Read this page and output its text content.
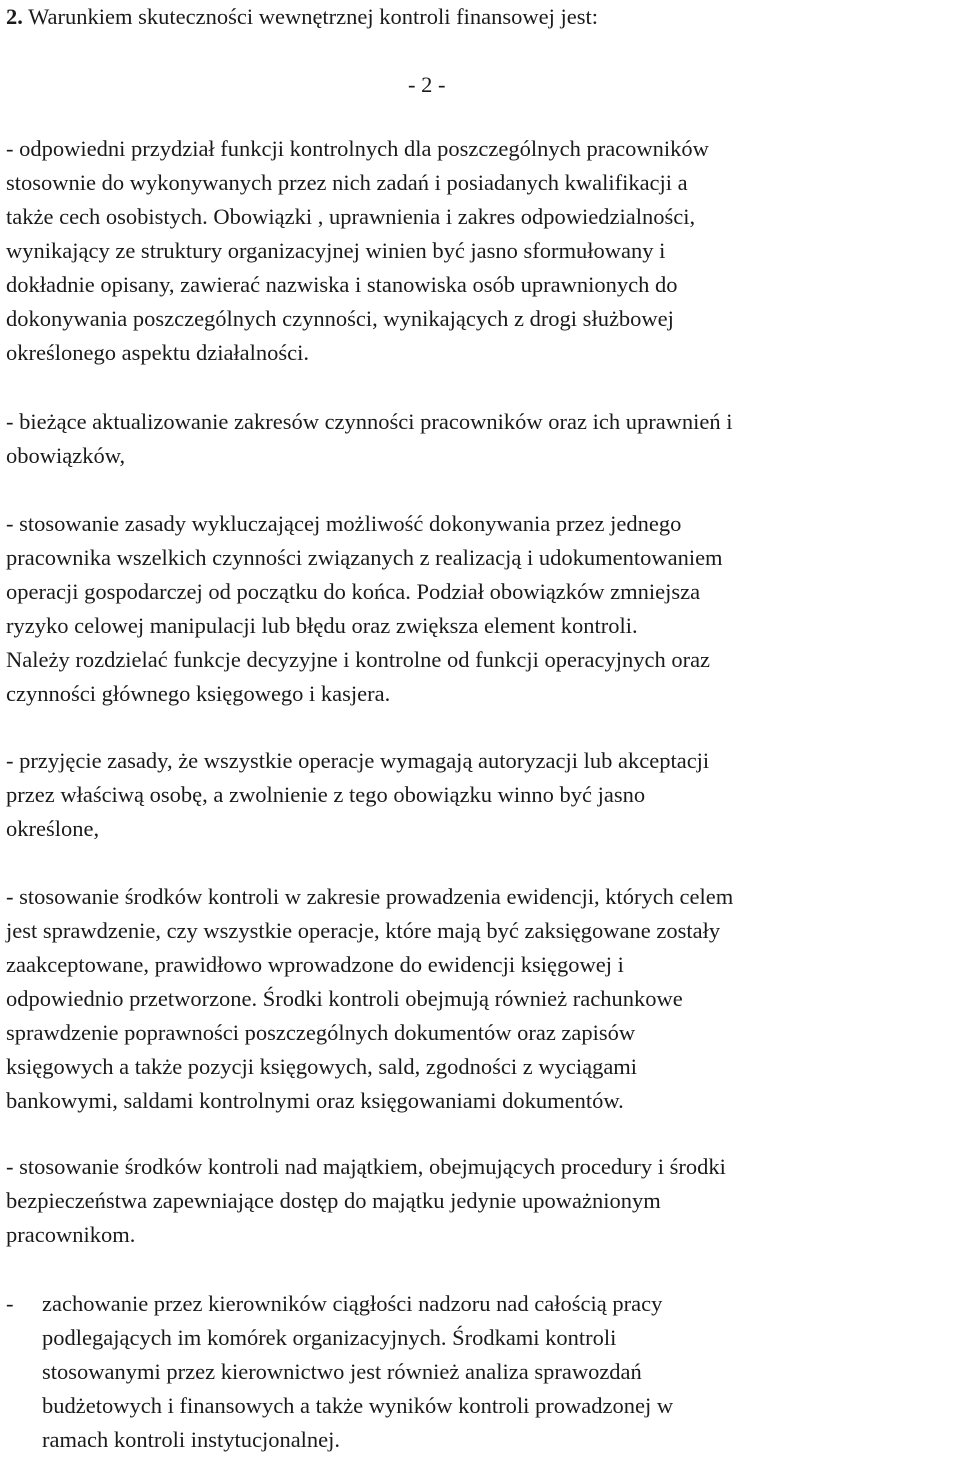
2. Warunkiem skuteczności wewnętrznej kontroli finansowej jest:
- 2 -
- odpowiedni przydział funkcji kontrolnych dla poszczególnych pracowników
stosownie do wykonywanych przez nich zadań i posiadanych kwalifikacji a
także cech osobistych. Obowiązki , uprawnienia i zakres odpowiedzialności,
wynikający ze struktury organizacyjnej winien być jasno sformułowany i
dokładnie opisany, zawierać nazwiska i stanowiska osób uprawnionych do
dokonywania poszczególnych czynności, wynikających z drogi służbowej
określonego aspektu działalności.
- bieżące aktualizowanie zakresów czynności pracowników oraz ich uprawnień i
obowiązków,
- stosowanie zasady wykluczającej możliwość dokonywania przez jednego
pracownika wszelkich czynności związanych z realizacją i udokumentowaniem
operacji gospodarczej od początku do końca. Podział obowiązków zmniejsza
ryzyko celowej manipulacji lub błędu oraz zwiększa element kontroli.
Należy rozdzielać funkcje decyzyjne i kontrolne od funkcji operacyjnych oraz
czynności głównego księgowego i kasjera.
- przyjęcie zasady, że wszystkie operacje wymagają autoryzacji lub akceptacji
przez właściwą osobę, a zwolnienie z tego obowiązku winno być jasno
określone,
- stosowanie środków kontroli w zakresie prowadzenia ewidencji, których celem
jest sprawdzenie, czy wszystkie operacje, które mają być zaksięgowane zostały
zaakceptowane, prawidłowo wprowadzone do ewidencji księgowej i
odpowiednio przetworzone. Środki kontroli obejmują również rachunkowe
sprawdzenie poprawności poszczególnych dokumentów oraz zapisów
księgowych a także pozycji księgowych, sald, zgodności z wyciągami
bankowymi, saldami kontrolnymi oraz księgowaniami dokumentów.
- stosowanie środków kontroli nad majątkiem, obejmujących procedury i środki
bezpieczeństwa zapewniające dostęp do majątku jedynie upoważnionym
pracownikom.
- zachowanie przez kierowników ciągłości nadzoru nad całością pracy
podlegających im komórek organizacyjnych. Środkami kontroli
stosowanymi przez kierownictwo jest również analiza sprawozdań
budżetowych i finansowych a także wyników kontroli prowadzonej w
ramach kontroli instytucjonalnej.
